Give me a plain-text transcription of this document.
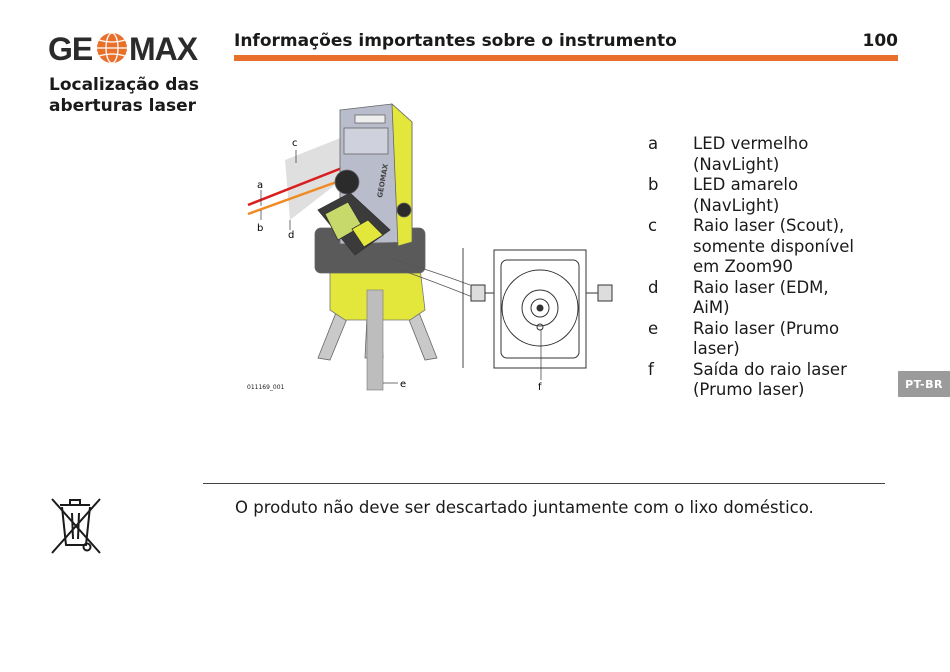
GE MAX Informações importantes sobre o instrumento	100
Localização das aberturas laser
GEOMAX
c
a
b
d
e	f
011169_001
a	LED vermelho
(NavLight)
b	LED amarelo
(NavLight)
c	Raio laser (Scout),
somente disponível
em Zoom90
d	Raio laser (EDM,
AiM)
e	Raio laser (Prumo
laser)
f	Saída do raio laser
(Prumo laser)	PT-BR
O produto não deve ser descartado juntamente com o lixo doméstico.
